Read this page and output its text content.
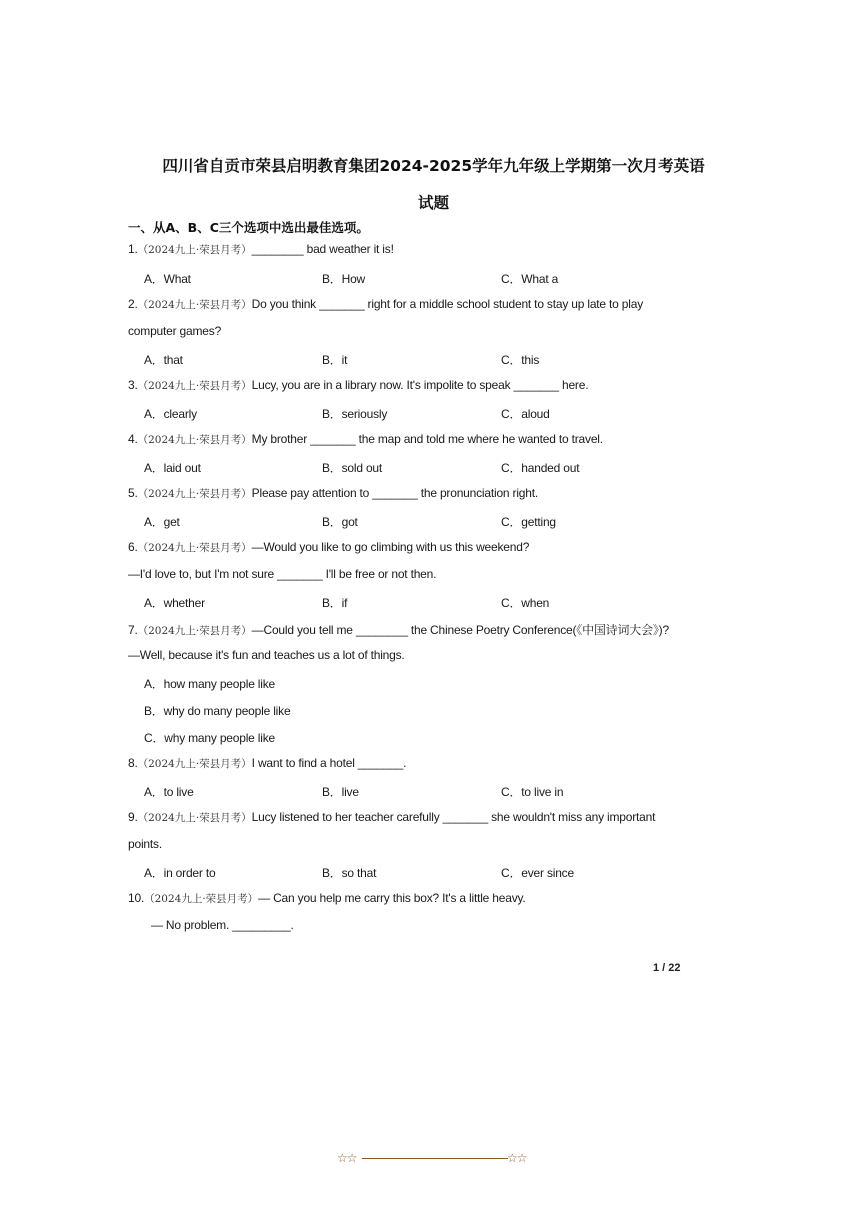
四川省自贡市荣县启明教育集团2024-2025学年九年级上学期第一次月考英语
试题
一、从A、B、C三个选项中选出最佳选项。
1.（2024九上·荣县月考）________ bad weather it is!
A．What	B．How	C．What a
2.（2024九上·荣县月考）Do you think _______ right for a middle school student to stay up late to play
computer games?
A．that	B．it	C．this
3.（2024九上·荣县月考）Lucy, you are in a library now. It's impolite to speak _______ here.
A．clearly	B．seriously	C．aloud
4.（2024九上·荣县月考）My brother _______ the map and told me where he wanted to travel.
A．laid out	B．sold out	C．handed out
5.（2024九上·荣县月考）Please pay attention to _______ the pronunciation right.
A．get	B．got	C．getting
6.（2024九上·荣县月考）—Would you like to go climbing with us this weekend?
—I'd love to, but I'm not sure _______ I'll be free or not then.
A．whether	B．if	C．when
7.（2024九上·荣县月考）—Could you tell me ________ the Chinese Poetry Conference(《中国诗词大会》)?
—Well, because it's fun and teaches us a lot of things.
A．how many people like
B．why do many people like
C．why many people like
8.（2024九上·荣县月考）I want to find a hotel _______.
A．to live	B．live	C．to live in
9.（2024九上·荣县月考）Lucy listened to her teacher carefully _______ she wouldn't miss any important
points.
A．in order to	B．so that	C．ever since
10.（2024九上·荣县月考）— Can you help me carry this box? It's a little heavy.
— No problem. _________.
1 / 22
☆☆	☆☆
